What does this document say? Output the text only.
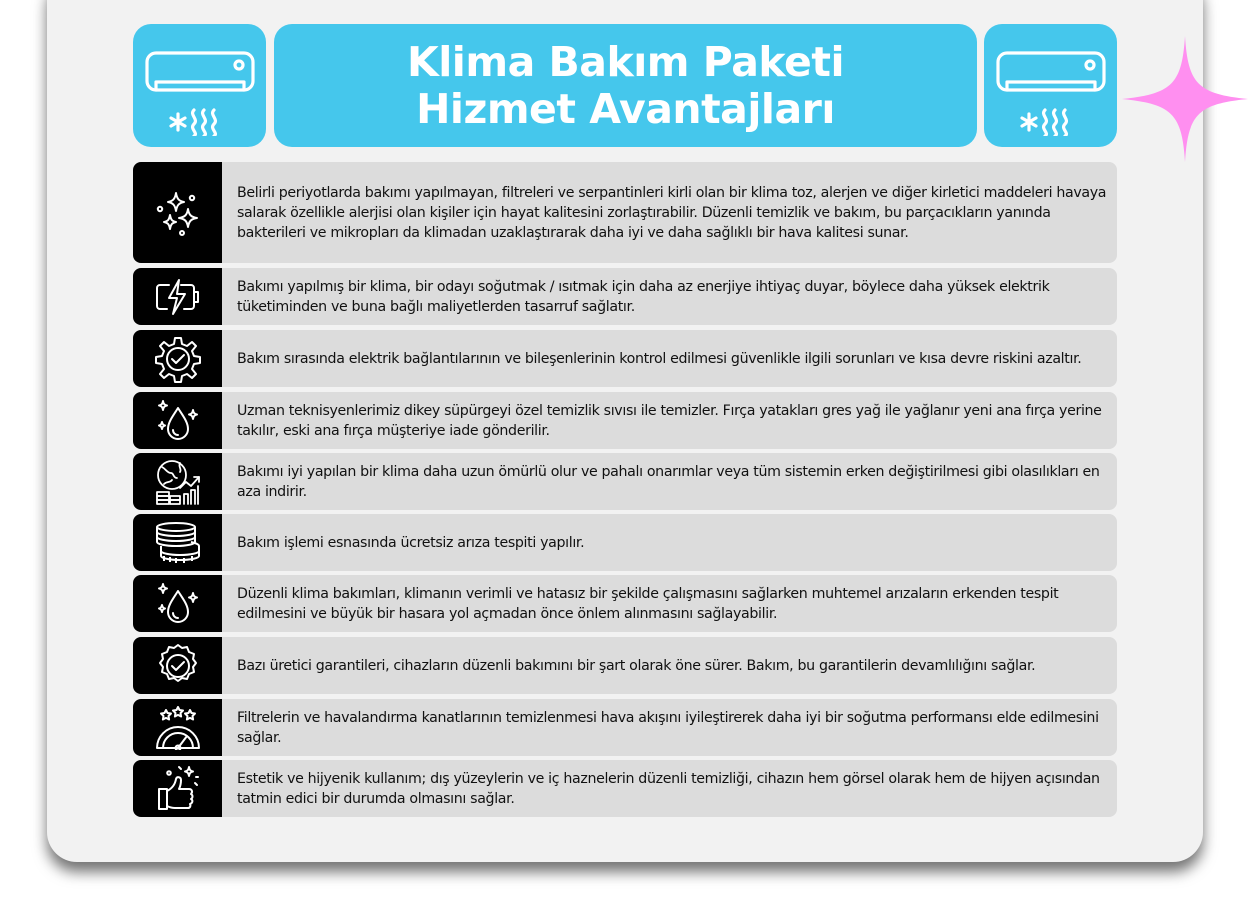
Klima Bakım Paketi
Hizmet Avantajları
Belirli periyotlarda bakımı yapılmayan, filtreleri ve serpantinleri kirli olan bir klima toz, alerjen ve diğer kirletici maddeleri havaya salarak özellikle alerjisi olan kişiler için hayat kalitesini zorlaştırabilir. Düzenli temizlik ve bakım, bu parçacıkların yanında bakterileri ve mikropları da klimadan uzaklaştırarak daha iyi ve daha sağlıklı bir hava kalitesi sunar.
Bakımı yapılmış bir klima, bir odayı soğutmak / ısıtmak için daha az enerjiye ihtiyaç duyar, böylece daha yüksek elektrik tüketiminden ve buna bağlı maliyetlerden tasarruf sağlatır.
Bakım sırasında elektrik bağlantılarının ve bileşenlerinin kontrol edilmesi güvenlikle ilgili sorunları ve kısa devre riskini azaltır.
Uzman teknisyenlerimiz dikey süpürgeyi özel temizlik sıvısı ile temizler. Fırça yatakları gres yağ ile yağlanır yeni ana fırça yerine takılır, eski ana fırça müşteriye iade gönderilir.
Bakımı iyi yapılan bir klima daha uzun ömürlü olur ve pahalı onarımlar veya tüm sistemin erken değiştirilmesi gibi olasılıkları en aza indirir.
Bakım işlemi esnasında ücretsiz arıza tespiti yapılır.
Düzenli klima bakımları, klimanın verimli ve hatasız bir şekilde çalışmasını sağlarken muhtemel arızaların erkenden tespit edilmesini ve büyük bir hasara yol açmadan önce önlem alınmasını sağlayabilir.
Bazı üretici garantileri, cihazların düzenli bakımını bir şart olarak öne sürer. Bakım, bu garantilerin devamlılığını sağlar.
Filtrelerin ve havalandırma kanatlarının temizlenmesi hava akışını iyileştirerek daha iyi bir soğutma performansı elde edilmesini sağlar.
Estetik ve hijyenik kullanım; dış yüzeylerin ve iç haznelerin düzenli temizliği, cihazın hem görsel olarak hem de hijyen açısından tatmin edici bir durumda olmasını sağlar.
